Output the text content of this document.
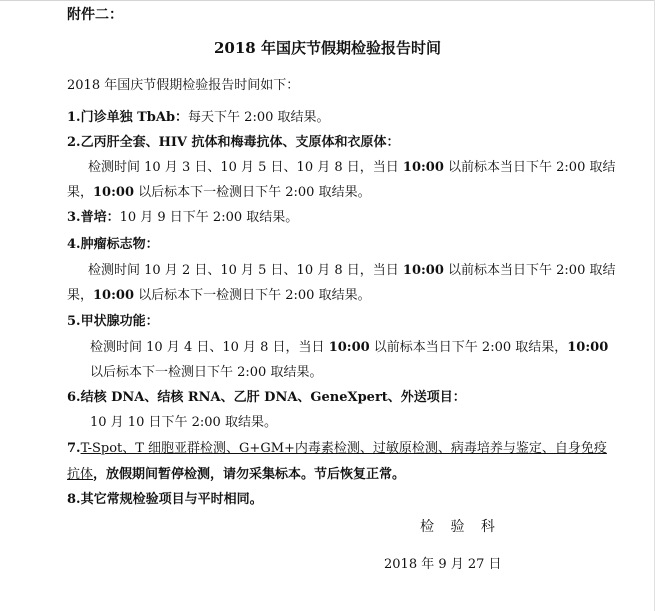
附件二：
2018 年国庆节假期检验报告时间
2018 年国庆节假期检验报告时间如下：
1.门诊单独 TbAb：每天下午 2:00 取结果。
2.乙丙肝全套、HIV 抗体和梅毒抗体、支原体和衣原体：
检测时间 10 月 3 日、10 月 5 日、10 月 8 日，当日 10:00 以前标本当日下午 2:00 取结
果，10:00 以后标本下一检测日下午 2:00 取结果。
3.普培：10 月 9 日下午 2:00 取结果。
4.肿瘤标志物：
检测时间 10 月 2 日、10 月 5 日、10 月 8 日，当日 10:00 以前标本当日下午 2:00 取结
果，10:00 以后标本下一检测日下午 2:00 取结果。
5.甲状腺功能：
检测时间 10 月 4 日、10 月 8 日，当日 10:00 以前标本当日下午 2:00 取结果，10:00
以后标本下一检测日下午 2:00 取结果。
6.结核 DNA、结核 RNA、乙肝 DNA、GeneXpert、外送项目：
10 月 10 日下午 2:00 取结果。
7.T-Spot、T 细胞亚群检测、G+GM+内毒素检测、过敏原检测、病毒培养与鉴定、自身免疫
抗体，放假期间暂停检测，请勿采集标本。节后恢复正常。
8.其它常规检验项目与平时相同。
检 验 科
2018 年 9 月 27 日
